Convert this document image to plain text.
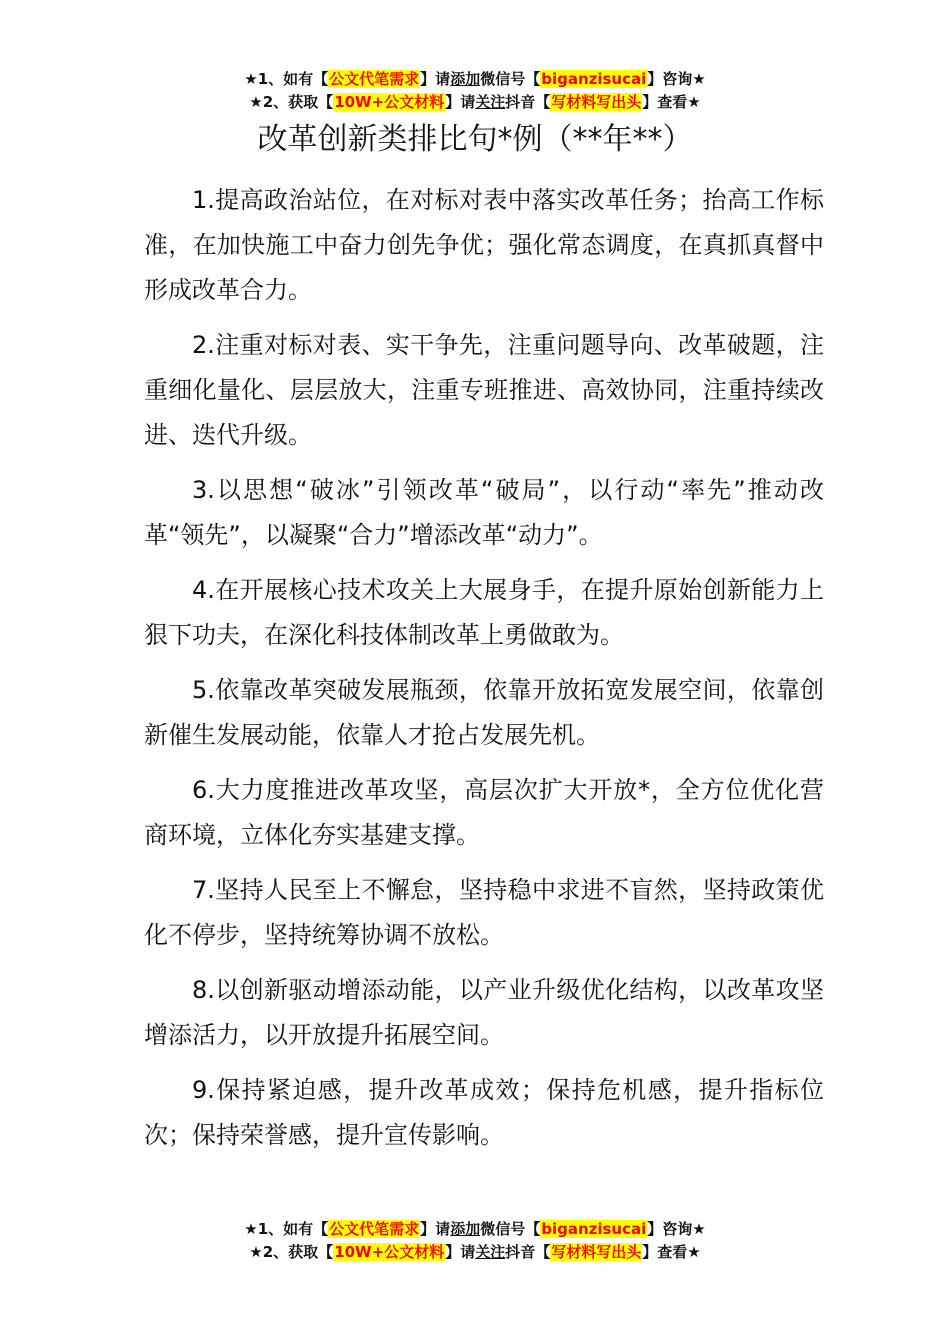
★1、如有【公文代笔需求】请添加微信号【biganzisucai】咨询★
★2、获取【10W+公文材料】请关注抖音【写材料写出头】查看★
改革创新类排比句*例（**年**）

1.提高政治站位，在对标对表中落实改革任务；抬高工作标准，在加快施工中奋力创先争优；强化常态调度，在真抓真督中形成改革合力。

2.注重对标对表、实干争先，注重问题导向、改革破题，注重细化量化、层层放大，注重专班推进、高效协同，注重持续改进、迭代升级。

3.以思想“破冰”引领改革“破局”，以行动“率先”推动改革“领先”，以凝聚“合力”增添改革“动力”。

4.在开展核心技术攻关上大展身手，在提升原始创新能力上狠下功夫，在深化科技体制改革上勇做敢为。

5.依靠改革突破发展瓶颈，依靠开放拓宽发展空间，依靠创新催生发展动能，依靠人才抢占发展先机。

6.大力度推进改革攻坚，高层次扩大开放*，全方位优化营商环境，立体化夯实基建支撑。

7.坚持人民至上不懈怠，坚持稳中求进不盲然，坚持政策优化不停步，坚持统筹协调不放松。

8.以创新驱动增添动能，以产业升级优化结构，以改革攻坚增添活力，以开放提升拓展空间。

9.保持紧迫感，提升改革成效；保持危机感，提升指标位次；保持荣誉感，提升宣传影响。

★1、如有【公文代笔需求】请添加微信号【biganzisucai】咨询★
★2、获取【10W+公文材料】请关注抖音【写材料写出头】查看★
